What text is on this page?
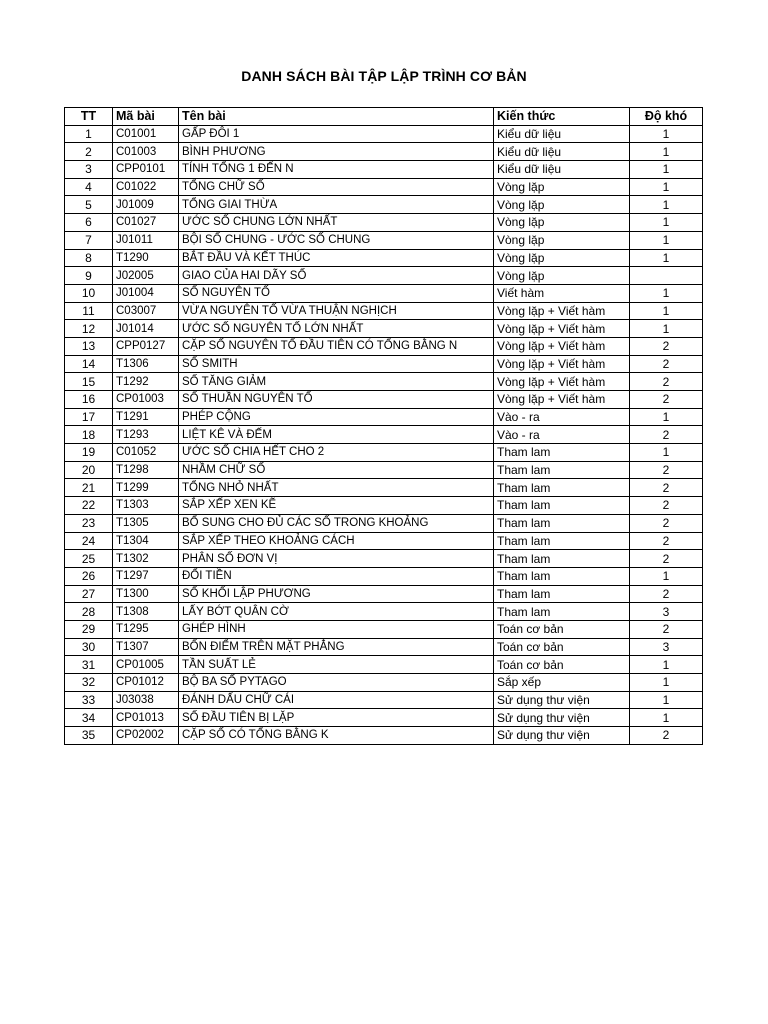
DANH SÁCH BÀI TẬP LẬP TRÌNH CƠ BẢN
TT	Mã bài	Tên bài	Kiến thức	Độ khó
1	C01001	GẤP ĐÔI 1	Kiểu dữ liệu	1
2	C01003	BÌNH PHƯƠNG	Kiểu dữ liệu	1
3	CPP0101	TÍNH TỔNG 1 ĐẾN N	Kiểu dữ liệu	1
4	C01022	TỔNG CHỮ SỐ	Vòng lặp	1
5	J01009	TỔNG GIAI THỪA	Vòng lặp	1
6	C01027	ƯỚC SỐ CHUNG LỚN NHẤT	Vòng lặp	1
7	J01011	BỘI SỐ CHUNG - ƯỚC SỐ CHUNG	Vòng lặp	1
8	T1290	BẮT ĐẦU VÀ KẾT THÚC	Vòng lặp	1
9	J02005	GIAO CỦA HAI DÃY SỐ	Vòng lặp	
10	J01004	SỐ NGUYÊN TỐ	Viết hàm	1
11	C03007	VỪA NGUYÊN TỐ VỪA THUẬN NGHỊCH	Vòng lặp + Viết hàm	1
12	J01014	ƯỚC SỐ NGUYÊN TỐ LỚN NHẤT	Vòng lặp + Viết hàm	1
13	CPP0127	CẶP SỐ NGUYÊN TỐ ĐẦU TIÊN CÓ TỔNG BẰNG N	Vòng lặp + Viết hàm	2
14	T1306	SỐ SMITH	Vòng lặp + Viết hàm	2
15	T1292	SỐ TĂNG GIẢM	Vòng lặp + Viết hàm	2
16	CP01003	SỐ THUẦN NGUYÊN TỐ	Vòng lặp + Viết hàm	2
17	T1291	PHÉP CỘNG	Vào - ra	1
18	T1293	LIỆT KÊ VÀ ĐẾM	Vào - ra	2
19	C01052	ƯỚC SỐ CHIA HẾT CHO 2	Tham lam	1
20	T1298	NHẦM CHỮ SỐ	Tham lam	2
21	T1299	TỔNG NHỎ NHẤT	Tham lam	2
22	T1303	SẮP XẾP XEN KẼ	Tham lam	2
23	T1305	BỔ SUNG CHO ĐỦ CÁC SỐ TRONG KHOẢNG	Tham lam	2
24	T1304	SẮP XẾP THEO KHOẢNG CÁCH	Tham lam	2
25	T1302	PHÂN SỐ ĐƠN VỊ	Tham lam	2
26	T1297	ĐỔI TIỀN	Tham lam	1
27	T1300	SỐ KHỐI LẬP PHƯƠNG	Tham lam	2
28	T1308	LẤY BỚT QUÂN CỜ	Tham lam	3
29	T1295	GHÉP HÌNH	Toán cơ bản	2
30	T1307	BỐN ĐIỂM TRÊN MẶT PHẲNG	Toán cơ bản	3
31	CP01005	TẦN SUẤT LẺ	Toán cơ bản	1
32	CP01012	BỘ BA SỐ PYTAGO	Sắp xếp	1
33	J03038	ĐÁNH DẤU CHỮ CÁI	Sử dụng thư viện	1
34	CP01013	SỐ ĐẦU TIÊN BỊ LẶP	Sử dụng thư viện	1
35	CP02002	CẶP SỐ CÓ TỔNG BẰNG K	Sử dụng thư viện	2
